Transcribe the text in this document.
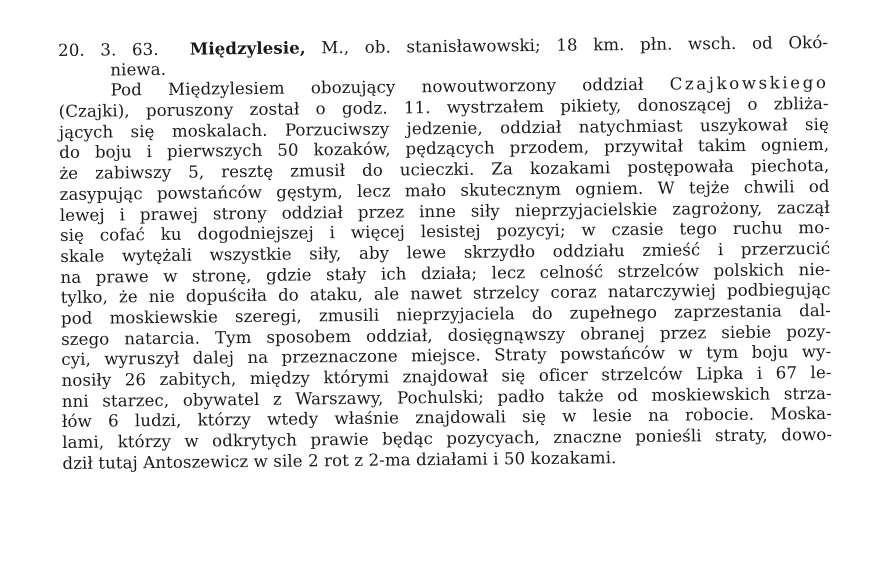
20. 3. 63. Międzylesie, M., ob. stanisławowski; 18 km. płn. wsch. od Okó-
niewa.
Pod Międzylesiem obozujący nowoutworzony oddział Czajkowskiego
(Czajki), poruszony został o godz. 11. wystrzałem pikiety, donoszącej o zbliża-
jących się moskalach. Porzuciwszy jedzenie, oddział natychmiast uszykował się
do boju i pierwszych 50 kozaków, pędzących przodem, przywitał takim ogniem,
że zabiwszy 5, resztę zmusił do ucieczki. Za kozakami postępowała piechota,
zasypując powstańców gęstym, lecz mało skutecznym ogniem. W tejże chwili od
lewej i prawej strony oddział przez inne siły nieprzyjacielskie zagrożony, zaczął
się cofać ku dogodniejszej i więcej lesistej pozycyi; w czasie tego ruchu mo-
skale wytężali wszystkie siły, aby lewe skrzydło oddziału zmieść i przerzucić
na prawe w stronę, gdzie stały ich działa; lecz celność strzelców polskich nie-
tylko, że nie dopuściła do ataku, ale nawet strzelcy coraz natarczywiej podbiegując
pod moskiewskie szeregi, zmusili nieprzyjaciela do zupełnego zaprzestania dal-
szego natarcia. Tym sposobem oddział, dosięgnąwszy obranej przez siebie pozy-
cyi, wyruszył dalej na przeznaczone miejsce. Straty powstańców w tym boju wy-
nosiły 26 zabitych, między którymi znajdował się oficer strzelców Lipka i 67 le-
nni starzec, obywatel z Warszawy, Pochulski; padło także od moskiewskich strza-
łów 6 ludzi, którzy wtedy właśnie znajdowali się w lesie na robocie. Moska-
lami, którzy w odkrytych prawie będąc pozycyach, znaczne ponieśli straty, dowo-
dził tutaj Antoszewicz w sile 2 rot z 2-ma działami i 50 kozakami.
